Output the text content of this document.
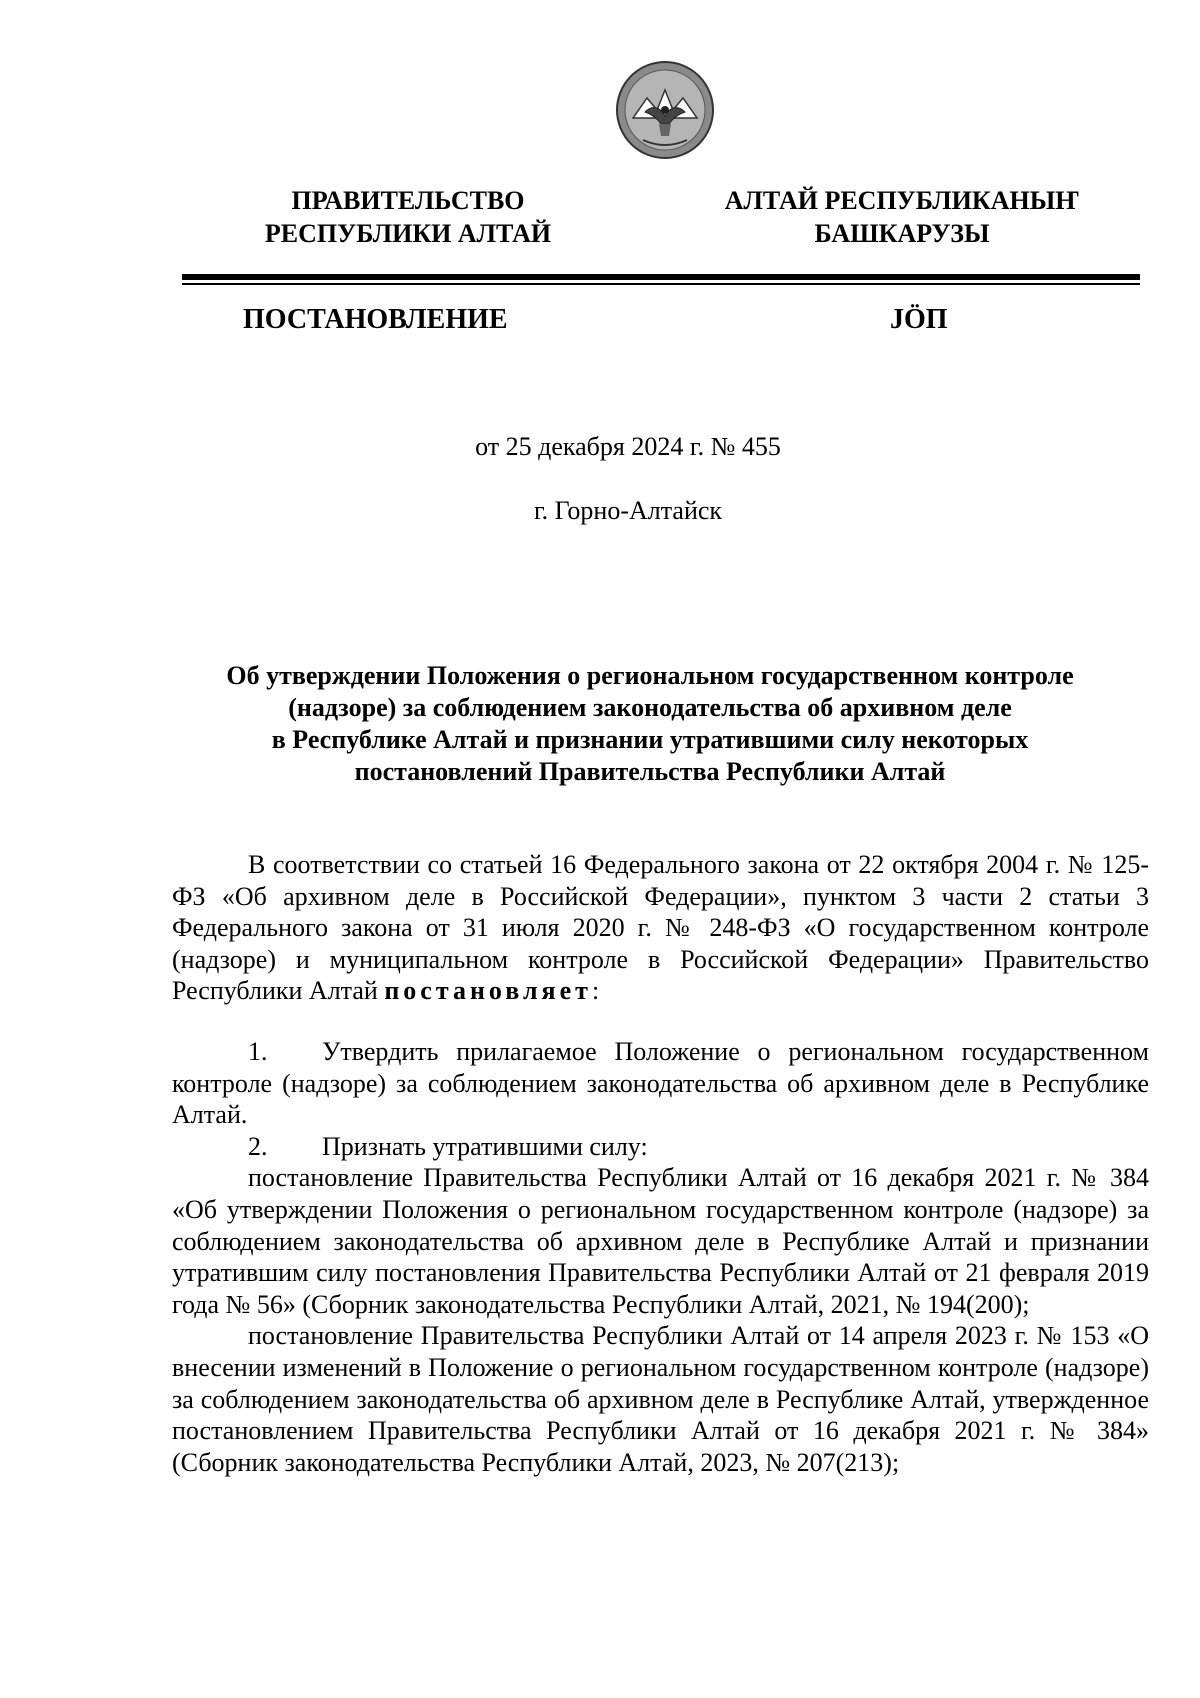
ПРАВИТЕЛЬСТВО
РЕСПУБЛИКИ АЛТАЙ
АЛТАЙ РЕСПУБЛИКАНЫҤ
БАШКАРУЗЫ
ПОСТАНОВЛЕНИЕ	JӦП
от 25 декабря 2024 г. № 455
г. Горно-Алтайск
Об утверждении Положения о региональном государственном контроле
(надзоре) за соблюдением законодательства об архивном деле
в Республике Алтай и признании утратившими силу некоторых
постановлений Правительства Республики Алтай

В соответствии со статьей 16 Федерального закона от 22 октября 2004 г. № 125-ФЗ «Об архивном деле в Российской Федерации», пунктом 3 части 2 статьи 3 Федерального закона от 31 июля 2020 г. № 248-ФЗ «О государственном контроле (надзоре) и муниципальном контроле в Российской Федерации» Правительство Республики Алтай постановляет:

1. Утвердить прилагаемое Положение о региональном государственном контроле (надзоре) за соблюдением законодательства об архивном деле в Республике Алтай.

2. Признать утратившими силу:

постановление Правительства Республики Алтай от 16 декабря 2021 г. № 384 «Об утверждении Положения о региональном государственном контроле (надзоре) за соблюдением законодательства об архивном деле в Республике Алтай и признании утратившим силу постановления Правительства Республики Алтай от 21 февраля 2019 года № 56» (Сборник законодательства Республики Алтай, 2021, № 194(200);

постановление Правительства Республики Алтай от 14 апреля 2023 г. № 153 «О внесении изменений в Положение о региональном государственном контроле (надзоре) за соблюдением законодательства об архивном деле в Республике Алтай, утвержденное постановлением Правительства Республики Алтай от 16 декабря 2021 г. № 384» (Сборник законодательства Республики Алтай, 2023, № 207(213);
